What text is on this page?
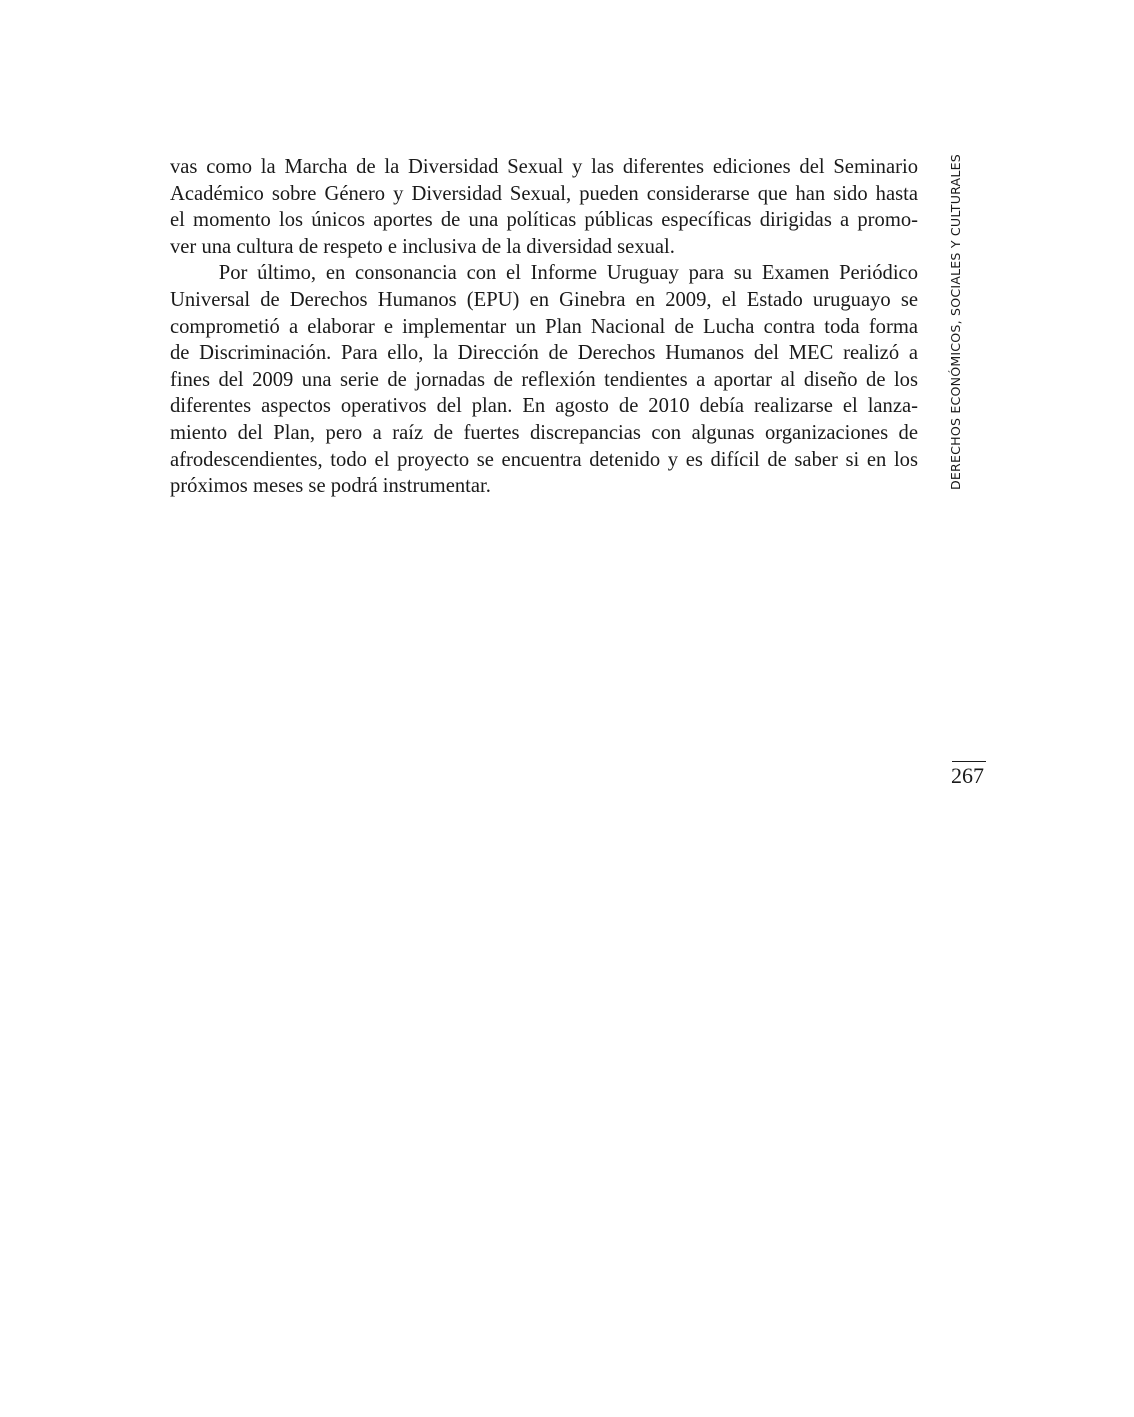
vas como la Marcha de la Diversidad Sexual y las diferentes ediciones del Seminario
Académico sobre Género y Diversidad Sexual, pueden considerarse que han sido hasta
el momento los únicos aportes de una políticas públicas específicas dirigidas a promo-
ver una cultura de respeto e inclusiva de la diversidad sexual.
Por último, en consonancia con el Informe Uruguay para su Examen Periódico
Universal de Derechos Humanos (EPU) en Ginebra en 2009, el Estado uruguayo se
comprometió a elaborar e implementar un Plan Nacional de Lucha contra toda forma
de Discriminación. Para ello, la Dirección de Derechos Humanos del MEC realizó a
fines del 2009 una serie de jornadas de reflexión tendientes a aportar al diseño de los
diferentes aspectos operativos del plan. En agosto de 2010 debía realizarse el lanza-
miento del Plan, pero a raíz de fuertes discrepancias con algunas organizaciones de
afrodescendientes, todo el proyecto se encuentra detenido y es difícil de saber si en los
próximos meses se podrá instrumentar.	DERECHOS ECONÓMICOS, SOCIALES Y CULTURALES
267
